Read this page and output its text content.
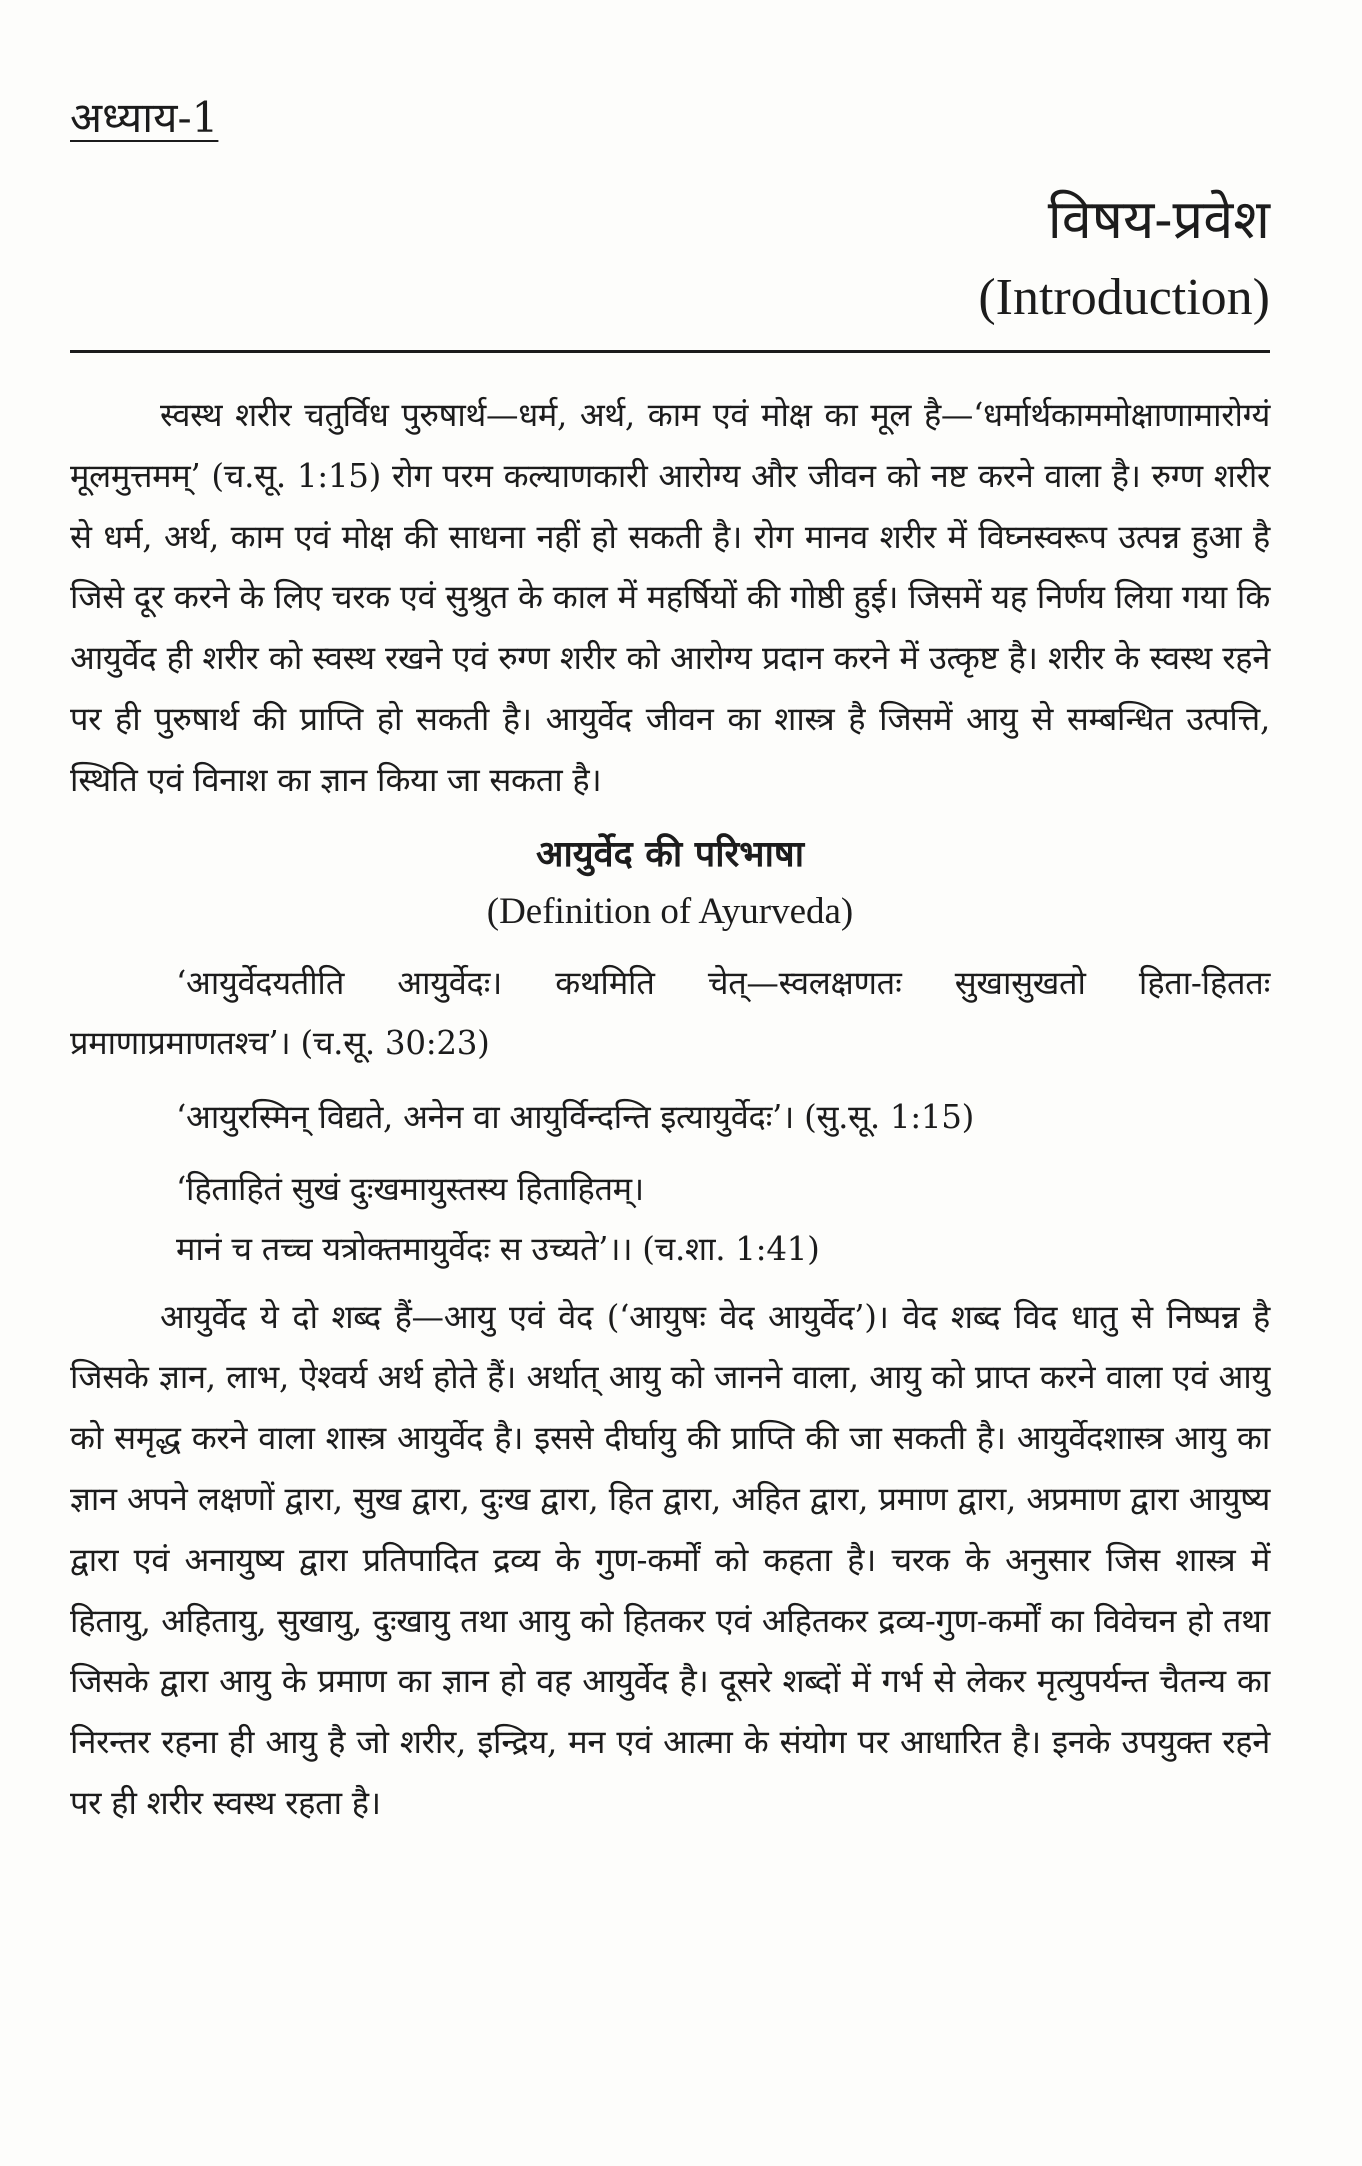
अध्याय-1
विषय-प्रवेश
(Introduction)

स्वस्थ शरीर चतुर्विध पुरुषार्थ—धर्म, अर्थ, काम एवं मोक्ष का मूल है—‘धर्मार्थकाममोक्षाणामारोग्यं मूलमुत्तमम्’ (च.सू. 1:15) रोग परम कल्याणकारी आरोग्य और जीवन को नष्ट करने वाला है। रुग्ण शरीर से धर्म, अर्थ, काम एवं मोक्ष की साधना नहीं हो सकती है। रोग मानव शरीर में विघ्नस्वरूप उत्पन्न हुआ है जिसे दूर करने के लिए चरक एवं सुश्रुत के काल में महर्षियों की गोष्ठी हुई। जिसमें यह निर्णय लिया गया कि आयुर्वेद ही शरीर को स्वस्थ रखने एवं रुग्ण शरीर को आरोग्य प्रदान करने में उत्कृष्ट है। शरीर के स्वस्थ रहने पर ही पुरुषार्थ की प्राप्ति हो सकती है। आयुर्वेद जीवन का शास्त्र है जिसमें आयु से सम्बन्धित उत्पत्ति, स्थिति एवं विनाश का ज्ञान किया जा सकता है।

आयुर्वेद की परिभाषा
(Definition of Ayurveda)

‘आयुर्वेदयतीति आयुर्वेदः। कथमिति चेत्—स्वलक्षणतः सुखासुखतो हिता-हिततः प्रमाणाप्रमाणतश्च’। (च.सू. 30:23)

‘आयुरस्मिन् विद्यते, अनेन वा आयुर्विन्दन्ति इत्यायुर्वेदः’। (सु.सू. 1:15)

‘हिताहितं सुखं दुःखमायुस्तस्य हिताहितम्।
मानं च तच्च यत्रोक्तमायुर्वेदः स उच्यते’।। (च.शा. 1:41)

आयुर्वेद ये दो शब्द हैं—आयु एवं वेद (‘आयुषः वेद आयुर्वेद’)। वेद शब्द विद धातु से निष्पन्न है जिसके ज्ञान, लाभ, ऐश्वर्य अर्थ होते हैं। अर्थात् आयु को जानने वाला, आयु को प्राप्त करने वाला एवं आयु को समृद्ध करने वाला शास्त्र आयुर्वेद है। इससे दीर्घायु की प्राप्ति की जा सकती है। आयुर्वेदशास्त्र आयु का ज्ञान अपने लक्षणों द्वारा, सुख द्वारा, दुःख द्वारा, हित द्वारा, अहित द्वारा, प्रमाण द्वारा, अप्रमाण द्वारा आयुष्य द्वारा एवं अनायुष्य द्वारा प्रतिपादित द्रव्य के गुण-कर्मों को कहता है। चरक के अनुसार जिस शास्त्र में हितायु, अहितायु, सुखायु, दुःखायु तथा आयु को हितकर एवं अहितकर द्रव्य-गुण-कर्मों का विवेचन हो तथा जिसके द्वारा आयु के प्रमाण का ज्ञान हो वह आयुर्वेद है। दूसरे शब्दों में गर्भ से लेकर मृत्युपर्यन्त चैतन्य का निरन्तर रहना ही आयु है जो शरीर, इन्द्रिय, मन एवं आत्मा के संयोग पर आधारित है। इनके उपयुक्त रहने पर ही शरीर स्वस्थ रहता है।
